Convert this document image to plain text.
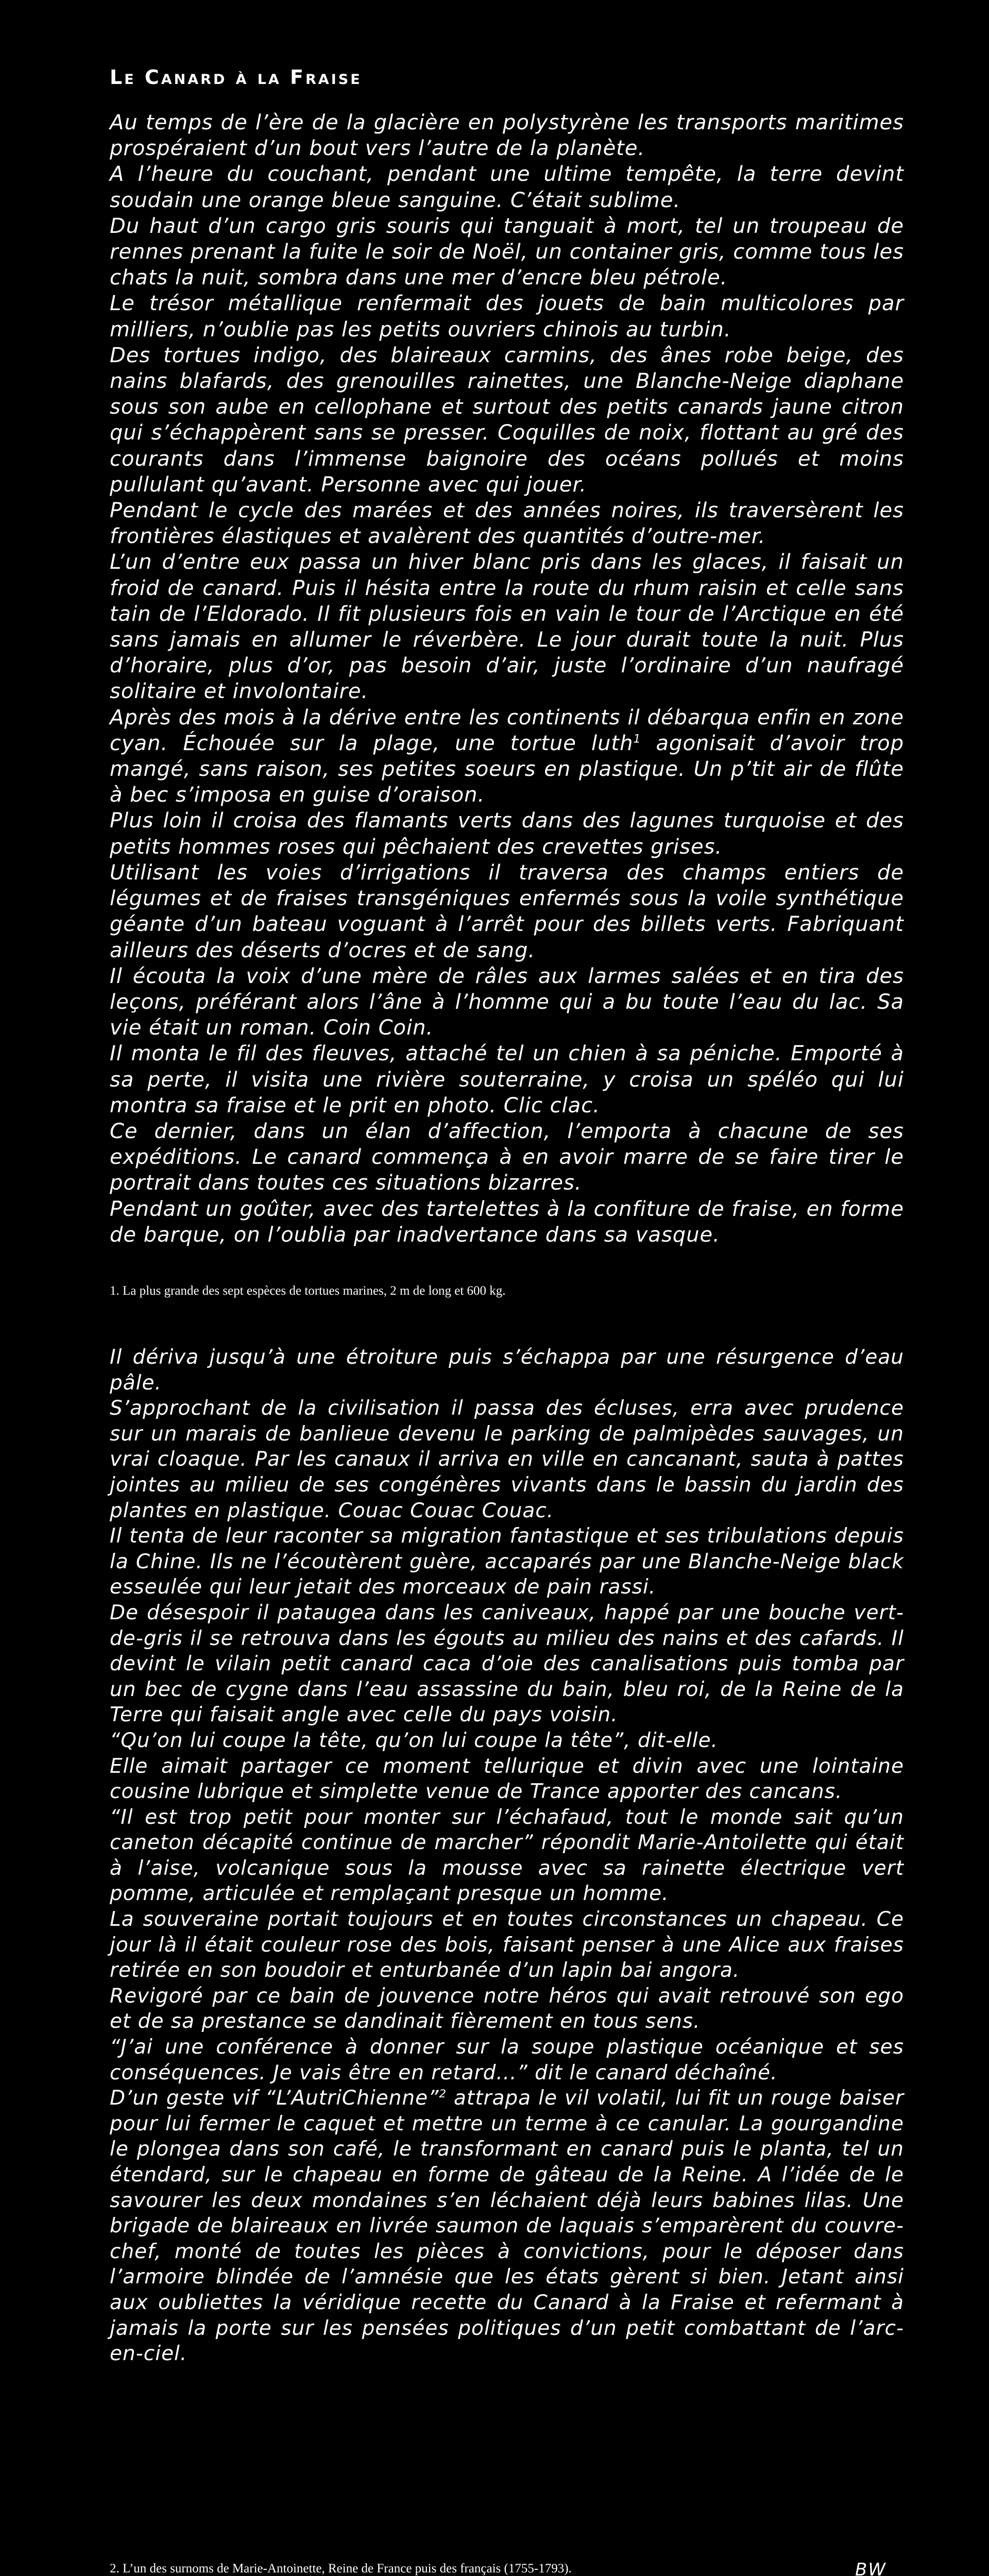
Le Canard à la Fraise

Au temps de l’ère de la glacière en polystyrène les transports maritimes prospéraient d’un bout vers l’autre de la planète.

A l’heure du couchant, pendant une ultime tempête, la terre devint soudain une orange bleue sanguine. C’était sublime.

Du haut d’un cargo gris souris qui tanguait à mort, tel un troupeau de rennes prenant la fuite le soir de Noël, un container gris, comme tous les chats la nuit, sombra dans une mer d’encre bleu pétrole.

Le trésor métallique renfermait des jouets de bain multicolores par milliers, n’oublie pas les petits ouvriers chinois au turbin.

Des tortues indigo, des blaireaux carmins, des ânes robe beige, des nains blafards, des grenouilles rainettes, une Blanche-Neige diaphane sous son aube en cellophane et surtout des petits canards jaune citron qui s’échappèrent sans se presser. Coquilles de noix, flottant au gré des courants dans l’immense baignoire des océans pollués et moins pullulant qu’avant. Personne avec qui jouer.

Pendant le cycle des marées et des années noires, ils traversèrent les frontières élastiques et avalèrent des quantités d’outre-mer.

L’un d’entre eux passa un hiver blanc pris dans les glaces, il faisait un froid de canard. Puis il hésita entre la route du rhum raisin et celle sans tain de l’Eldorado. Il fit plusieurs fois en vain le tour de l’Arctique en été sans jamais en allumer le réverbère. Le jour durait toute la nuit. Plus d’horaire, plus d’or, pas besoin d’air, juste l’ordinaire d’un naufragé solitaire et involontaire.

Après des mois à la dérive entre les continents il débarqua enfin en zone cyan. Échouée sur la plage, une tortue luth$^1$ agonisait d’avoir trop mangé, sans raison, ses petites soeurs en plastique. Un p’tit air de flûte à bec s’imposa en guise d’oraison.

Plus loin il croisa des flamants verts dans des lagunes turquoise et des petits hommes roses qui pêchaient des crevettes grises.

Utilisant les voies d’irrigations il traversa des champs entiers de légumes et de fraises transgéniques enfermés sous la voile synthétique géante d’un bateau voguant à l’arrêt pour des billets verts. Fabriquant ailleurs des déserts d’ocres et de sang.

Il écouta la voix d’une mère de râles aux larmes salées et en tira des leçons, préférant alors l’âne à l’homme qui a bu toute l’eau du lac. Sa vie était un roman. Coin Coin.

Il monta le fil des fleuves, attaché tel un chien à sa péniche. Emporté à sa perte, il visita une rivière souterraine, y croisa un spéléo qui lui montra sa fraise et le prit en photo. Clic clac.

Ce dernier, dans un élan d’affection, l’emporta à chacune de ses expéditions. Le canard commença à en avoir marre de se faire tirer le portrait dans toutes ces situations bizarres.

Pendant un goûter, avec des tartelettes à la confiture de fraise, en forme de barque, on l’oublia par inadvertance dans sa vasque.

1. La plus grande des sept espèces de tortues marines, 2 m de long et 600 kg.

Il dériva jusqu’à une étroiture puis s’échappa par une résurgence d’eau pâle.

S’approchant de la civilisation il passa des écluses, erra avec prudence sur un marais de banlieue devenu le parking de palmipèdes sauvages, un vrai cloaque. Par les canaux il arriva en ville en cancanant, sauta à pattes jointes au milieu de ses congénères vivants dans le bassin du jardin des plantes en plastique. Couac Couac Couac.

Il tenta de leur raconter sa migration fantastique et ses tribulations depuis la Chine. Ils ne l’écoutèrent guère, accaparés par une Blanche-Neige black esseulée qui leur jetait des morceaux de pain rassi.

De désespoir il pataugea dans les caniveaux, happé par une bouche vert-de-gris il se retrouva dans les égouts au milieu des nains et des cafards. Il devint le vilain petit canard caca d’oie des canalisations puis tomba par un bec de cygne dans l’eau assassine du bain, bleu roi, de la Reine de la Terre qui faisait angle avec celle du pays voisin.

“Qu’on lui coupe la tête, qu’on lui coupe la tête”, dit-elle.

Elle aimait partager ce moment tellurique et divin avec une lointaine cousine lubrique et simplette venue de Trance apporter des cancans.

“Il est trop petit pour monter sur l’échafaud, tout le monde sait qu’un caneton décapité continue de marcher” répondit Marie-Antoilette qui était à l’aise, volcanique sous la mousse avec sa rainette électrique vert pomme, articulée et remplaçant presque un homme.

La souveraine portait toujours et en toutes circonstances un chapeau. Ce jour là il était couleur rose des bois, faisant penser à une Alice aux fraises retirée en son boudoir et enturbanée d’un lapin bai angora.

Revigoré par ce bain de jouvence notre héros qui avait retrouvé son ego et de sa prestance se dandinait fièrement en tous sens.

“J’ai une conférence à donner sur la soupe plastique océanique et ses conséquences. Je vais être en retard...” dit le canard déchaîné.

D’un geste vif “L’AutriChienne”$^2$ attrapa le vil volatil, lui fit un rouge baiser pour lui fermer le caquet et mettre un terme à ce canular. La gourgandine le plongea dans son café, le transformant en canard puis le planta, tel un étendard, sur le chapeau en forme de gâteau de la Reine. A l’idée de le savourer les deux mondaines s’en léchaient déjà leurs babines lilas. Une brigade de blaireaux en livrée saumon de laquais s’emparèrent du couvre-chef, monté de toutes les pièces à convictions, pour le déposer dans l’armoire blindée de l’amnésie que les états gèrent si bien. Jetant ainsi aux oubliettes la véridique recette du Canard à la Fraise et refermant à jamais la porte sur les pensées politiques d’un petit combattant de l’arc-en-ciel.

2. L’un des surnoms de Marie-Antoinette, Reine de France puis des français (1755-1793).	BW
